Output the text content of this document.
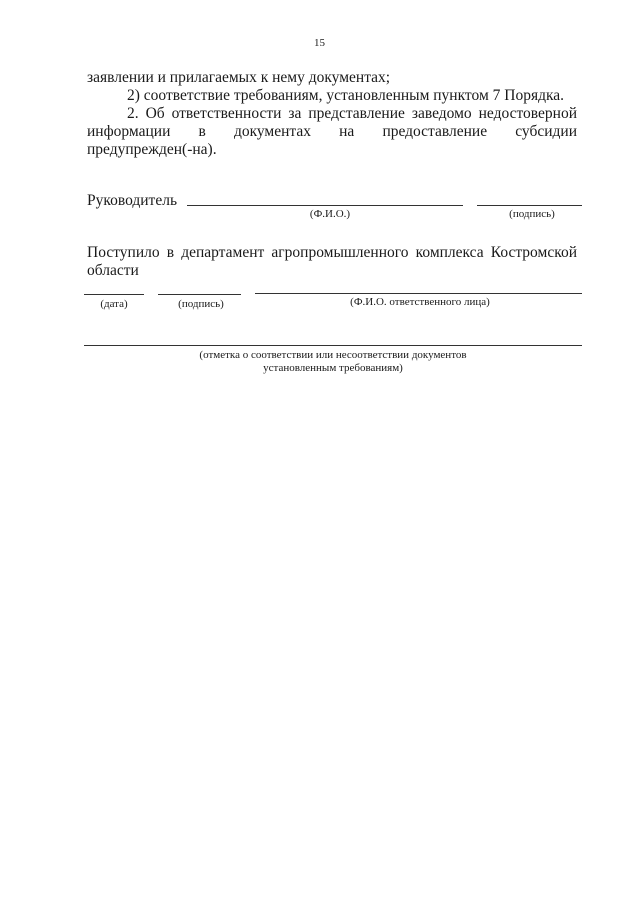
15
заявлении и прилагаемых к нему документах;
2) соответствие требованиям, установленным пунктом 7 Порядка.
2. Об ответственности за представление заведомо недостоверной
информации в документах на предоставление субсидии
предупрежден(-на).
Руководитель
(Ф.И.О.)	(подпись)
Поступило в департамент агропромышленного комплекса Костромской
области
(дата)	(подпись)	(Ф.И.О. ответственного лица)
(отметка о соответствии или несоответствии документов
установленным требованиям)
